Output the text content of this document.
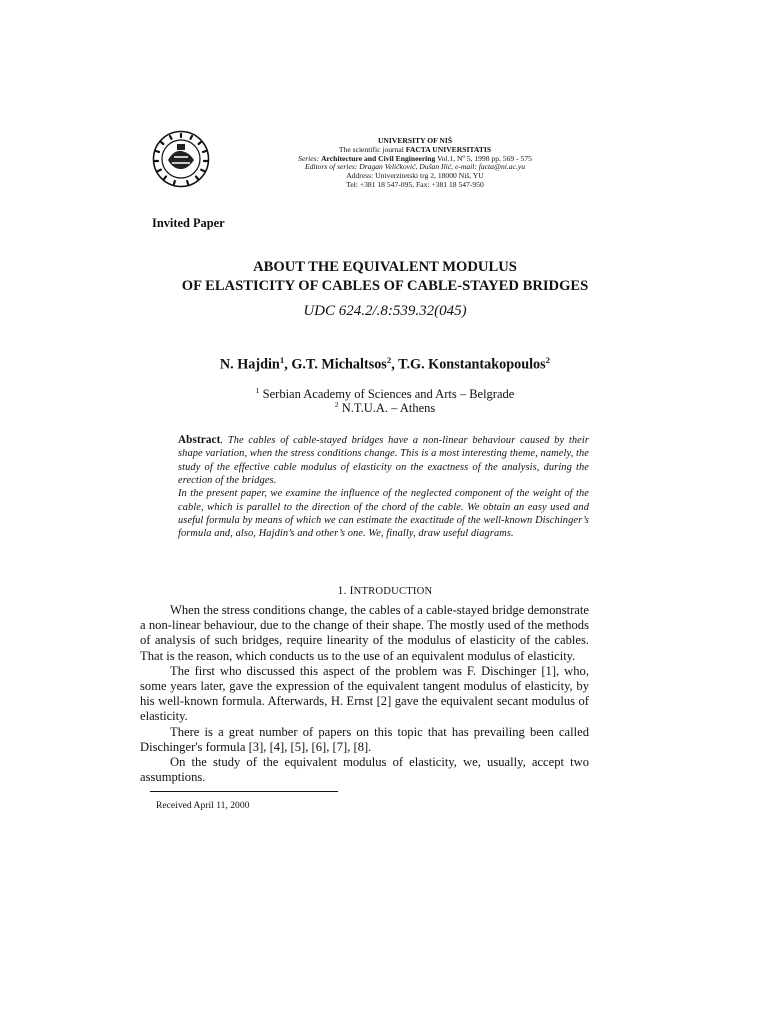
UNIVERSITY OF NIŠ
The scientific journal FACTA UNIVERSITATIS
Series: Architecture and Civil Engineering Vol.1, Nº 5, 1998 pp. 569 - 575
Editors of series: Dragan Veličković, Dušan Ilić, e-mail: facta@ni.ac.yu
Address: Univerzitetski trg 2, 18000 Niš, YU
Tel: +381 18 547-095, Fax: +381 18 547-950
Invited Paper
ABOUT THE EQUIVALENT MODULUS
OF ELASTICITY OF CABLES OF CABLE-STAYED BRIDGES
UDC 624.2/.8:539.32(045)
N. Hajdin$^1$, G.T. Michaltsos$^2$, T.G. Konstantakopoulos$^2$
$^1$ Serbian Academy of Sciences and Arts – Belgrade
$^2$ N.T.U.A. – Athens

Abstract. The cables of cable-stayed bridges have a non-linear behaviour caused by their shape variation, when the stress conditions change. This is a most interesting theme, namely, the study of the effective cable modulus of elasticity on the exactness of the analysis, during the erection of the bridges.

In the present paper, we examine the influence of the neglected component of the weight of the cable, which is parallel to the direction of the chord of the cable. We obtain an easy used and useful formula by means of which we can estimate the exactitude of the well-known Dischinger’s formula and, also, Hajdin’s and other’s one. We, finally, draw useful diagrams.

1. INTRODUCTION

When the stress conditions change, the cables of a cable-stayed bridge demonstrate a non-linear behaviour, due to the change of their shape. The mostly used of the methods of analysis of such bridges, require linearity of the modulus of elasticity of the cables. That is the reason, which conducts us to the use of an equivalent modulus of elasticity.

The first who discussed this aspect of the problem was F. Dischinger [1], who, some years later, gave the expression of the equivalent tangent modulus of elasticity, by his well-known formula. Afterwards, H. Ernst [2] gave the equivalent secant modulus of elasticity.

There is a great number of papers on this topic that has prevailing been called Dischinger's formula [3], [4], [5], [6], [7], [8].

On the study of the equivalent modulus of elasticity, we, usually, accept two assumptions.

Received April 11, 2000
